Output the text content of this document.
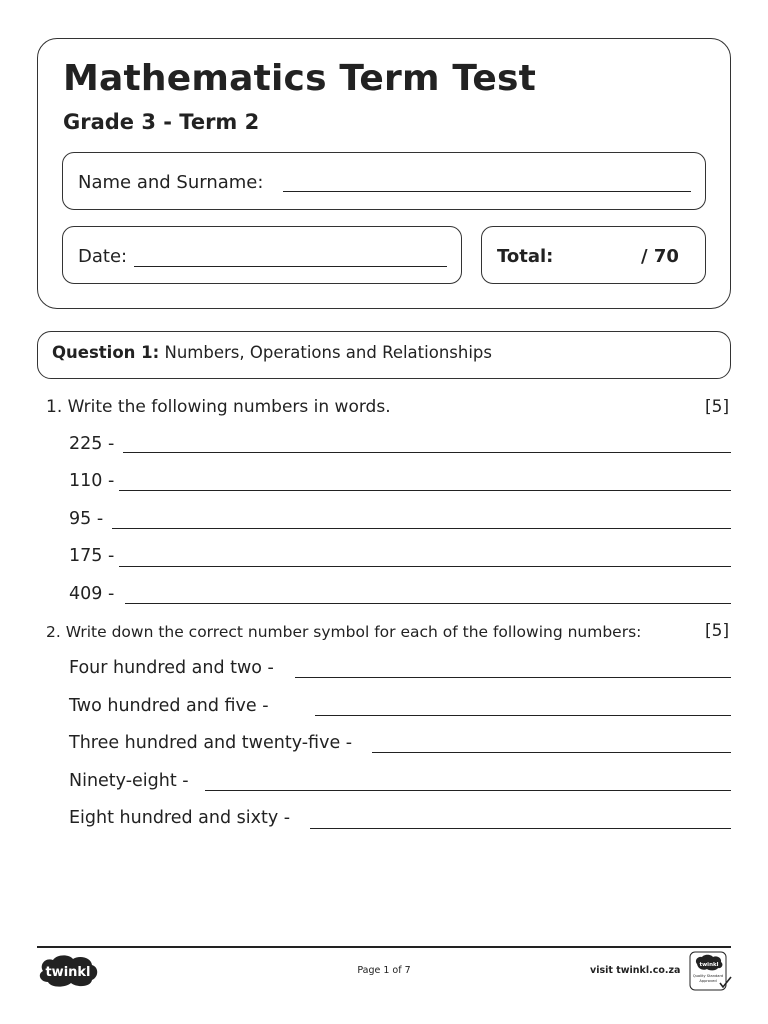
Mathematics Term Test
Grade 3 - Term 2
Name and Surname:
Date:	Total:	/ 70
Question 1: Numbers, Operations and Relationships
1. Write the following numbers in words.	[5]
225 -
110 -
95 -
175 -
409 -
2. Write down the correct number symbol for each of the following numbers:	[5]
Four hundred and two -
Two hundred and five -
Three hundred and twenty-five -
Ninety-eight -
Eight hundred and sixty -
twinkl	Page 1 of 7	visit twinkl.co.za	twinkl
Quality Standard
Approved
